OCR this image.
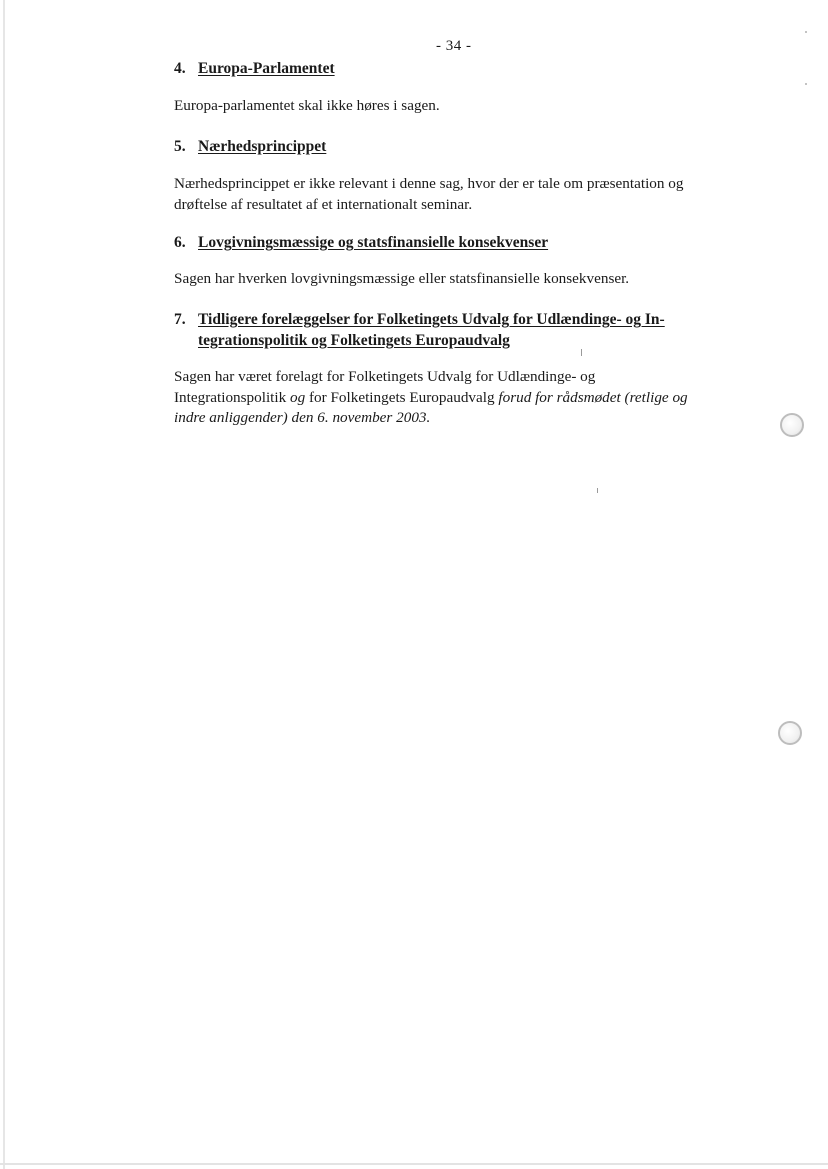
- 34 -
4. Europa-Parlamentet
Europa-parlamentet skal ikke høres i sagen.
5. Nærhedsprincippet
Nærhedsprincippet er ikke relevant i denne sag, hvor der er tale om præsentation og drøftelse af resultatet af et internationalt seminar.
6. Lovgivningsmæssige og statsfinansielle konsekvenser
Sagen har hverken lovgivningsmæssige eller statsfinansielle konsekvenser.
7. Tidligere forelæggelser for Folketingets Udvalg for Udlændinge- og In-
tegrationspolitik og Folketingets Europaudvalg
Sagen har været forelagt for Folketingets Udvalg for Udlændinge- og Integrationspolitik og for Folketingets Europaudvalg forud for rådsmødet (retlige og indre anliggender) den 6. november 2003.
